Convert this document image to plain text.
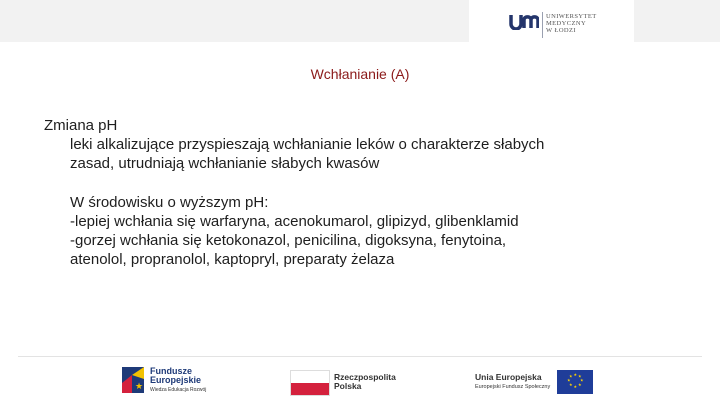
UNIWERSYTET
MEDYCZNY
W ŁODZI
Wchłanianie (A)

Zmiana pH

leki alkalizujące przyspieszają wchłanianie leków o charakterze słabych

zasad, utrudniają wchłanianie słabych kwasów

W środowisku o wyższym pH:

-lepiej wchłania się warfaryna, acenokumarol, glipizyd, glibenklamid

-gorzej wchłania się ketokonazol, penicilina, digoksyna, fenytoina,

atenolol, propranolol, kaptopryl, preparaty żelaza

★
Fundusze
Europejskie
Wiedza Edukacja Rozwój
Rzeczpospolita
Polska
Unia Europejska
Europejski Fundusz Społeczny
★ ★
★
★
★
★
★
★
